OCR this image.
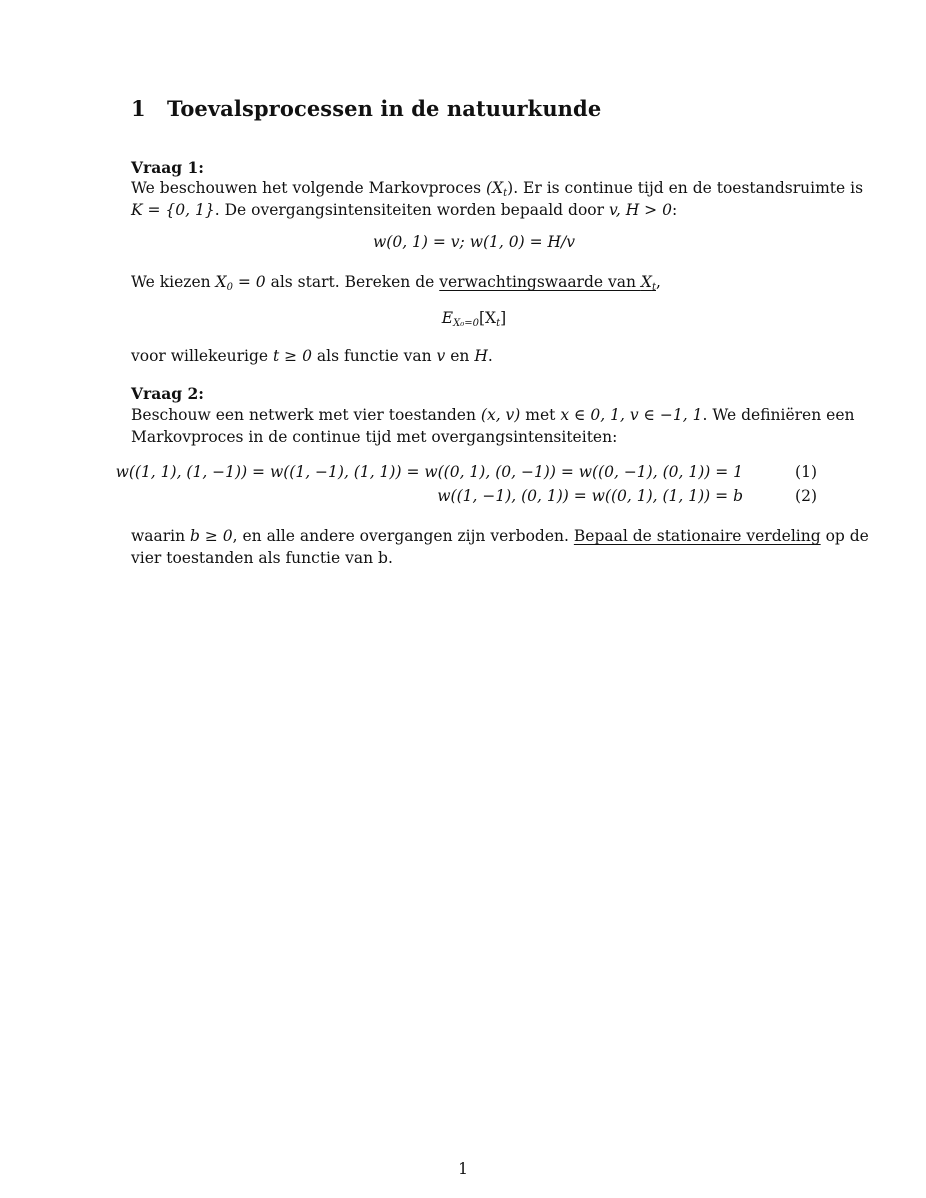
1 Toevalsprocessen in de natuurkunde
Vraag 1:
We beschouwen het volgende Markovproces $(X_t)$. Er is continue tijd en de toestandsruimte is
K = {0, 1}. De overgangsintensiteiten worden bepaald door v, H > 0:
w(0, 1) = v; w(1, 0) = H/v
We kiezen $X_0 = 0$ als start. Bereken de verwachtingswaarde van $X_t$,
$E_{X_0=0}[X_t]$
voor willekeurige t ≥ 0 als functie van v en H.
Vraag 2:
Beschouw een netwerk met vier toestanden (x, v) met x ∈ 0, 1, v ∈ −1, 1. We definiëren een
Markovproces in de continue tijd met overgangsintensiteiten:
w((1, 1), (1, −1)) = w((1, −1), (1, 1)) = w((0, 1), (0, −1)) = w((0, −1), (0, 1)) = 1	(1)
w((1, −1), (0, 1)) = w((0, 1), (1, 1)) = b	(2)
waarin b ≥ 0, en alle andere overgangen zijn verboden. Bepaal de stationaire verdeling op de
vier toestanden als functie van b.
1
